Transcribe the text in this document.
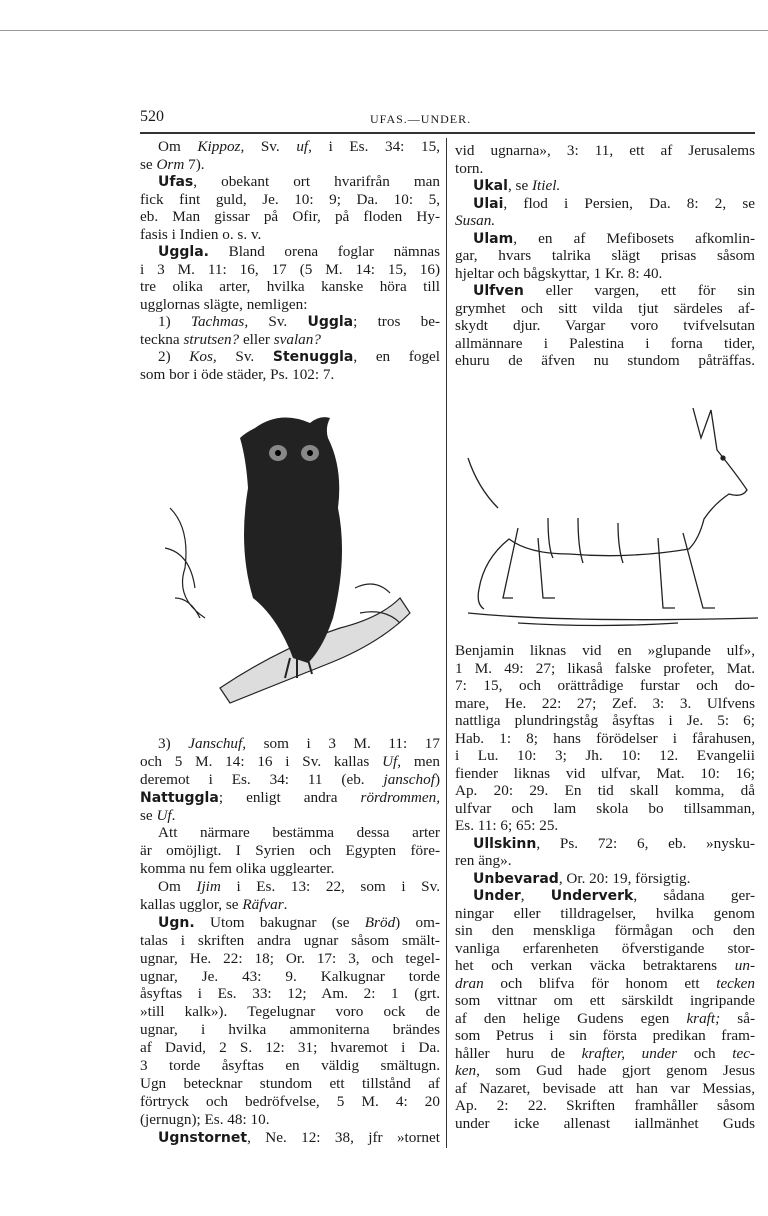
520	UFAS.—UNDER.
Om Kippoz, Sv. uf, i Es. 34: 15,
se Orm 7).
Ufas, obekant ort hvarifrån man
fick fint guld, Je. 10: 9; Da. 10: 5,
eb. Man gissar på Ofir, på floden Hy-
fasis i Indien o. s. v.
Uggla. Bland orena foglar nämnas
i 3 M. 11: 16, 17 (5 M. 14: 15, 16)
tre olika arter, hvilka kanske höra till
ugglornas slägte, nemligen:
1) Tachmas, Sv. Uggla; tros be-
teckna strutsen? eller svalan?
2) Kos, Sv. Stenuggla, en fogel
som bor i öde städer, Ps. 102: 7.
3) Janschuf, som i 3 M. 11: 17
och 5 M. 14: 16 i Sv. kallas Uf, men
deremot i Es. 34: 11 (eb. janschof)
Nattuggla; enligt andra rördrommen,
se Uf.
Att närmare bestämma dessa arter
är omöjligt. I Syrien och Egypten före-
komma nu fem olika ugglearter.
Om Ijim i Es. 13: 22, som i Sv.
kallas ugglor, se Räfvar.
Ugn. Utom bakugnar (se Bröd) om-
talas i skriften andra ugnar såsom smält-
ugnar, He. 22: 18; Or. 17: 3, och tegel-
ugnar, Je. 43: 9. Kalkugnar torde
åsyftas i Es. 33: 12; Am. 2: 1 (grt.
»till kalk»). Tegelugnar voro ock de
ugnar, i hvilka ammoniterna brändes
af David, 2 S. 12: 31; hvaremot i Da.
3 torde åsyftas en väldig smältugn.
Ugn betecknar stundom ett tillstånd af
förtryck och bedröfvelse, 5 M. 4: 20
(jernugn); Es. 48: 10.
Ugnstornet, Ne. 12: 38, jfr »tornet
vid ugnarna», 3: 11, ett af Jerusalems
torn.
Ukal, se Itiel.
Ulai, flod i Persien, Da. 8: 2, se
Susan.
Ulam, en af Mefibosets afkomlin-
gar, hvars talrika slägt prisas såsom
hjeltar och bågskyttar, 1 Kr. 8: 40.
Ulfven eller vargen, ett för sin
grymhet och sitt vilda tjut särdeles af-
skydt djur. Vargar voro tvifvelsutan
allmännare i Palestina i forna tider,
ehuru de äfven nu stundom påträffas.
Benjamin liknas vid en »glupande ulf»,
1 M. 49: 27; likaså falske profeter, Mat.
7: 15, och orättrådige furstar och do-
mare, He. 22: 27; Zef. 3: 3. Ulfvens
nattliga plundringståg åsyftas i Je. 5: 6;
Hab. 1: 8; hans förödelser i fårahusen,
i Lu. 10: 3; Jh. 10: 12. Evangelii
fiender liknas vid ulfvar, Mat. 10: 16;
Ap. 20: 29. En tid skall komma, då
ulfvar och lam skola bo tillsamman,
Es. 11: 6; 65: 25.
Ullskinn, Ps. 72: 6, eb. »nysku-
ren äng».
Unbevarad, Or. 20: 19, försigtig.
Under, Underverk, sådana ger-
ningar eller tilldragelser, hvilka genom
sin den menskliga förmågan och den
vanliga erfarenheten öfverstigande stor-
het och verkan väcka betraktarens un-
dran och blifva för honom ett tecken
som vittnar om ett särskildt ingripande
af den helige Gudens egen kraft; så-
som Petrus i sin första predikan fram-
håller huru de krafter, under och tec-
ken, som Gud hade gjort genom Jesus
af Nazaret, bevisade att han var Messias,
Ap. 2: 22. Skriften framhåller såsom
under icke allenast iallmänhet Guds
